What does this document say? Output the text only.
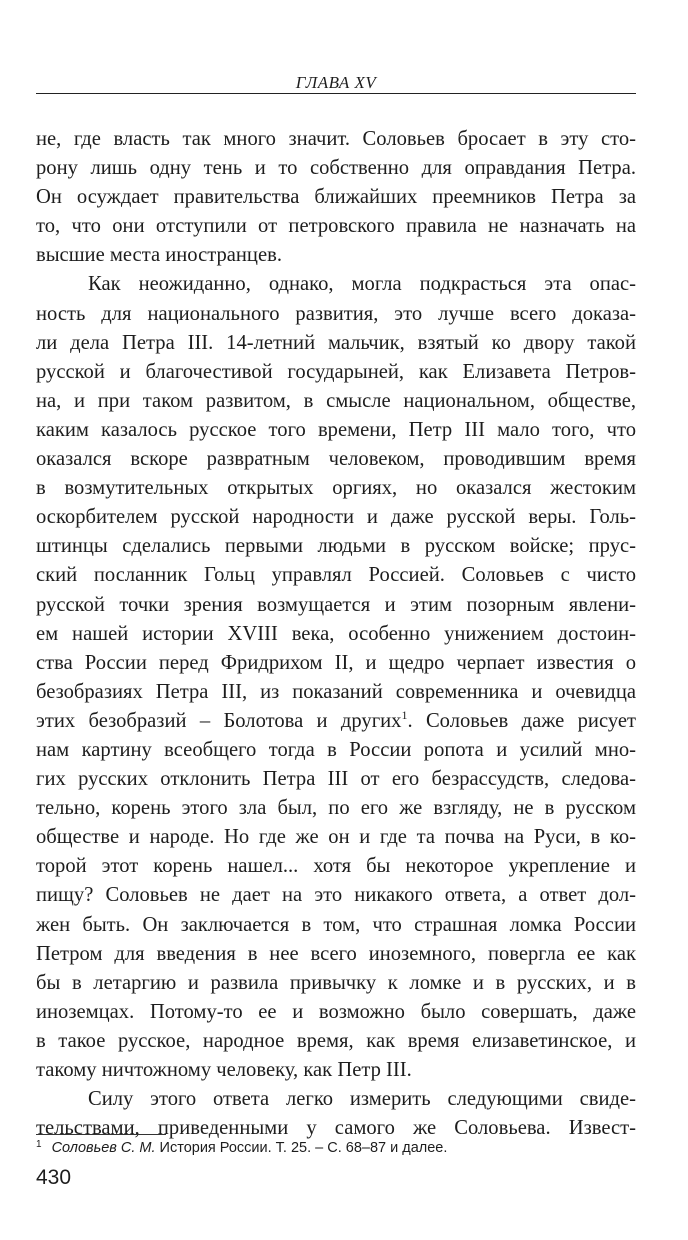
ГЛАВА XV
не, где власть так много значит. Соловьев бросает в эту сто-
рону лишь одну тень и то собственно для оправдания Петра.
Он осуждает правительства ближайших преемников Петра за
то, что они отступили от петровского правила не назначать на
высшие места иностранцев.
Как неожиданно, однако, могла подкрасться эта опас-
ность для национального развития, это лучше всего доказа-
ли дела Петра III. 14-летний мальчик, взятый ко двору такой
русской и благочестивой государыней, как Елизавета Петров-
на, и при таком развитом, в смысле национальном, обществе,
каким казалось русское того времени, Петр III мало того, что
оказался вскоре развратным человеком, проводившим время
в возмутительных открытых оргиях, но оказался жестоким
оскорбителем русской народности и даже русской веры. Голь-
штинцы сделались первыми людьми в русском войске; прус-
ский посланник Гольц управлял Россией. Соловьев с чисто
русской точки зрения возмущается и этим позорным явлени-
ем нашей истории XVIII века, особенно унижением достоин-
ства России перед Фридрихом II, и щедро черпает известия о
безобразиях Петра III, из показаний современника и очевидца
этих безобразий – Болотова и других$^1$. Соловьев даже рисует
нам картину всеобщего тогда в России ропота и усилий мно-
гих русских отклонить Петра III от его безрассудств, следова-
тельно, корень этого зла был, по его же взгляду, не в русском
обществе и народе. Но где же он и где та почва на Руси, в ко-
торой этот корень нашел... хотя бы некоторое укрепление и
пищу? Соловьев не дает на это никакого ответа, а ответ дол-
жен быть. Он заключается в том, что страшная ломка России
Петром для введения в нее всего иноземного, повергла ее как
бы в летаргию и развила привычку к ломке и в русских, и в
иноземцах. Потому-то ее и возможно было совершать, даже
в такое русское, народное время, как время елизаветинское, и
такому ничтожному человеку, как Петр III.
Силу этого ответа легко измерить следующими свиде-
тельствами, приведенными у самого же Соловьева. Извест-
$^1$ Соловьев С. М. История России. Т. 25. – С. 68–87 и далее.
430
